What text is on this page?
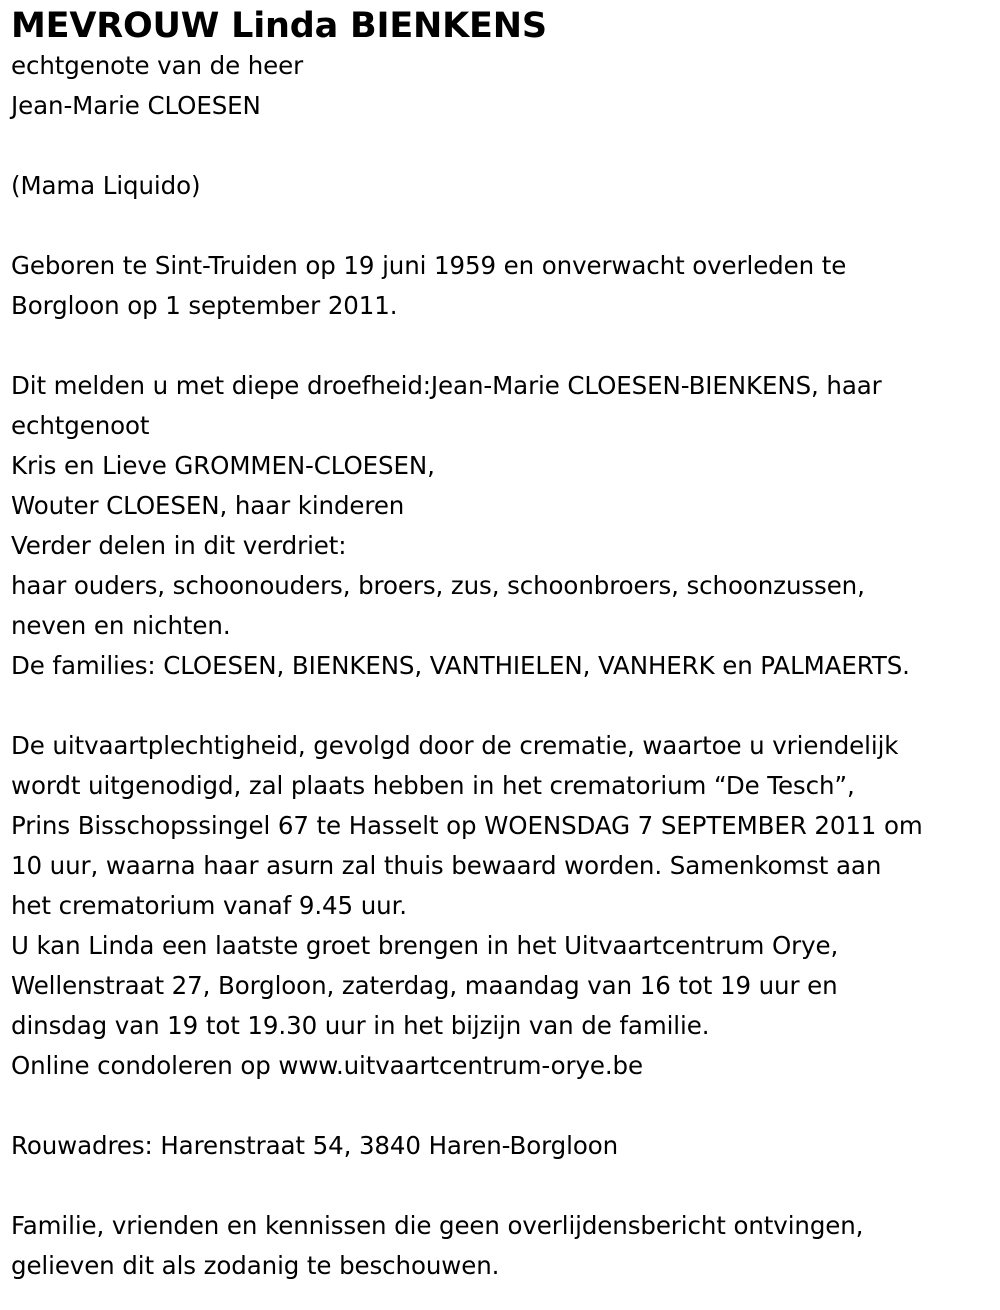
MEVROUW Linda BIENKENS
echtgenote van de heer
Jean-Marie CLOESEN
(Mama Liquido)
Geboren te Sint-Truiden op 19 juni 1959 en onverwacht overleden te
Borgloon op 1 september 2011.
Dit melden u met diepe droefheid:Jean-Marie CLOESEN-BIENKENS, haar
echtgenoot
Kris en Lieve GROMMEN-CLOESEN,
Wouter CLOESEN, haar kinderen
Verder delen in dit verdriet:
haar ouders, schoonouders, broers, zus, schoonbroers, schoonzussen,
neven en nichten.
De families: CLOESEN, BIENKENS, VANTHIELEN, VANHERK en PALMAERTS.
De uitvaartplechtigheid, gevolgd door de crematie, waartoe u vriendelijk
wordt uitgenodigd, zal plaats hebben in het crematorium “De Tesch”,
Prins Bisschopssingel 67 te Hasselt op WOENSDAG 7 SEPTEMBER 2011 om
10 uur, waarna haar asurn zal thuis bewaard worden. Samenkomst aan
het crematorium vanaf 9.45 uur.
U kan Linda een laatste groet brengen in het Uitvaartcentrum Orye,
Wellenstraat 27, Borgloon, zaterdag, maandag van 16 tot 19 uur en
dinsdag van 19 tot 19.30 uur in het bijzijn van de familie.
Online condoleren op www.uitvaartcentrum-orye.be
Rouwadres: Harenstraat 54, 3840 Haren-Borgloon
Familie, vrienden en kennissen die geen overlijdensbericht ontvingen,
gelieven dit als zodanig te beschouwen.
